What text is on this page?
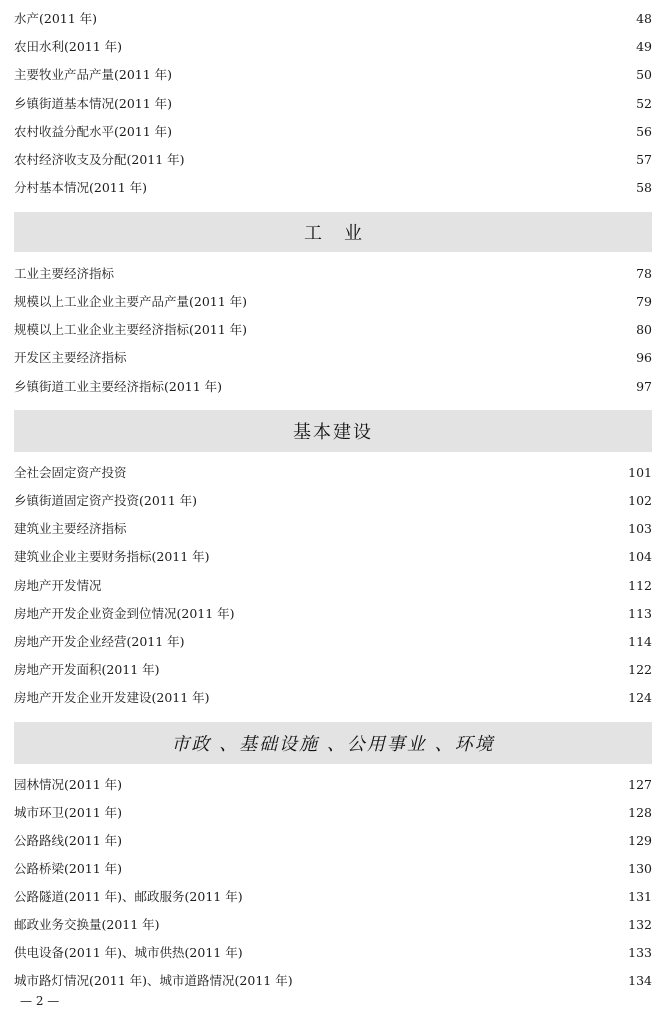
水产(2011 年)	48
农田水利(2011 年)	49
主要牧业产品产量(2011 年)	50
乡镇街道基本情况(2011 年)	52
农村收益分配水平(2011 年)	56
农村经济收支及分配(2011 年)	57
分村基本情况(2011 年)	58
工业
工业主要经济指标	78
规模以上工业企业主要产品产量(2011 年)	79
规模以上工业企业主要经济指标(2011 年)	80
开发区主要经济指标	96
乡镇街道工业主要经济指标(2011 年)	97
基本建设
全社会固定资产投资	101
乡镇街道固定资产投资(2011 年)	102
建筑业主要经济指标	103
建筑业企业主要财务指标(2011 年)	104
房地产开发情况	112
房地产开发企业资金到位情况(2011 年)	113
房地产开发企业经营(2011 年)	114
房地产开发面积(2011 年)	122
房地产开发企业开发建设(2011 年)	124
市政 、基础设施 、公用事业 、环境
园林情况(2011 年)	127
城市环卫(2011 年)	128
公路路线(2011 年)	129
公路桥梁(2011 年)	130
公路隧道(2011 年)、邮政服务(2011 年)	131
邮政业务交换量(2011 年)	132
供电设备(2011 年)、城市供热(2011 年)	133
城市路灯情况(2011 年)、城市道路情况(2011 年)	134
— 2 —
